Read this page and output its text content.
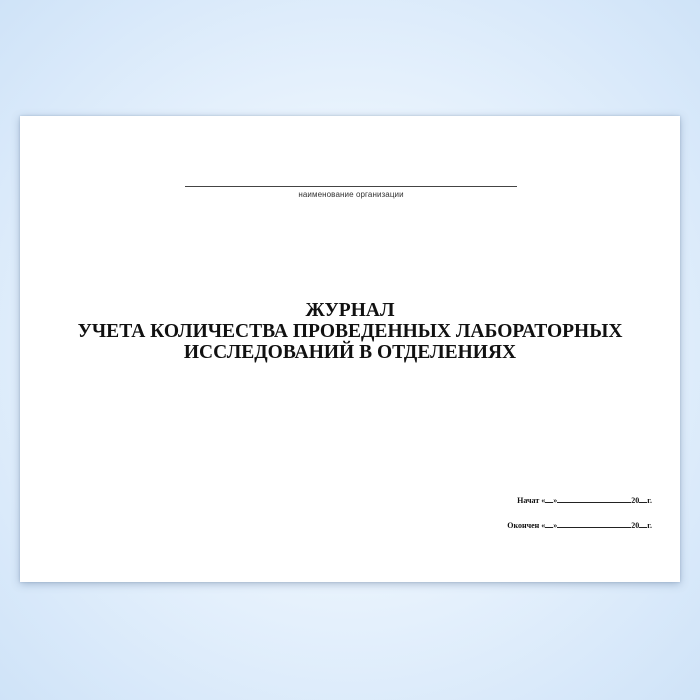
наименование организации
ЖУРНАЛ
УЧЕТА КОЛИЧЕСТВА ПРОВЕДЕННЫХ ЛАБОРАТОРНЫХ
ИССЛЕДОВАНИЙ В ОТДЕЛЕНИЯХ
Начат « »	20 г.
Окончен « »	20 г.
